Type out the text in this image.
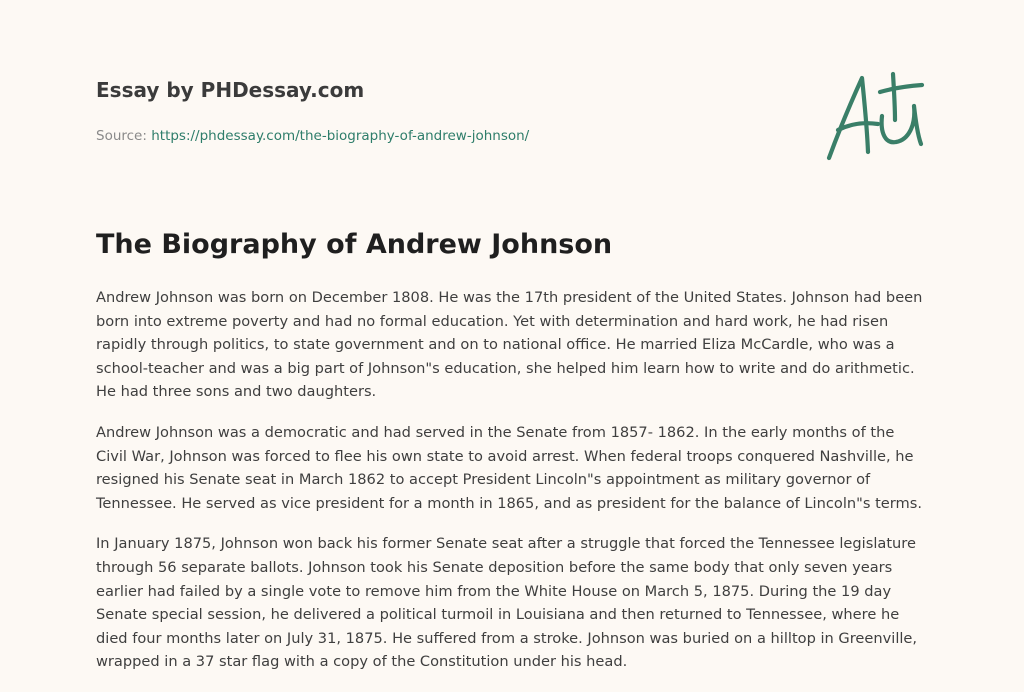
Essay by PHDessay.com
Source: https://phdessay.com/the-biography-of-andrew-johnson/
The Biography of Andrew Johnson

Andrew Johnson was born on December 1808. He was the 17th president of the United States. Johnson had been born into extreme poverty and had no formal education. Yet with determination and hard work, he had risen rapidly through politics, to state government and on to national office. He married Eliza McCardle, who was a school-teacher and was a big part of Johnson"s education, she helped him learn how to write and do arithmetic. He had three sons and two daughters.

Andrew Johnson was a democratic and had served in the Senate from 1857- 1862. In the early months of the Civil War, Johnson was forced to flee his own state to avoid arrest. When federal troops conquered Nashville, he resigned his Senate seat in March 1862 to accept President Lincoln"s appointment as military governor of Tennessee. He served as vice president for a month in 1865, and as president for the balance of Lincoln"s terms.

In January 1875, Johnson won back his former Senate seat after a struggle that forced the Tennessee legislature through 56 separate ballots. Johnson took his Senate deposition before the same body that only seven years earlier had failed by a single vote to remove him from the White House on March 5, 1875. During the 19 day Senate special session, he delivered a political turmoil in Louisiana and then returned to Tennessee, where he died four months later on July 31, 1875. He suffered from a stroke. Johnson was buried on a hilltop in Greenville, wrapped in a 37 star flag with a copy of the Constitution under his head.
